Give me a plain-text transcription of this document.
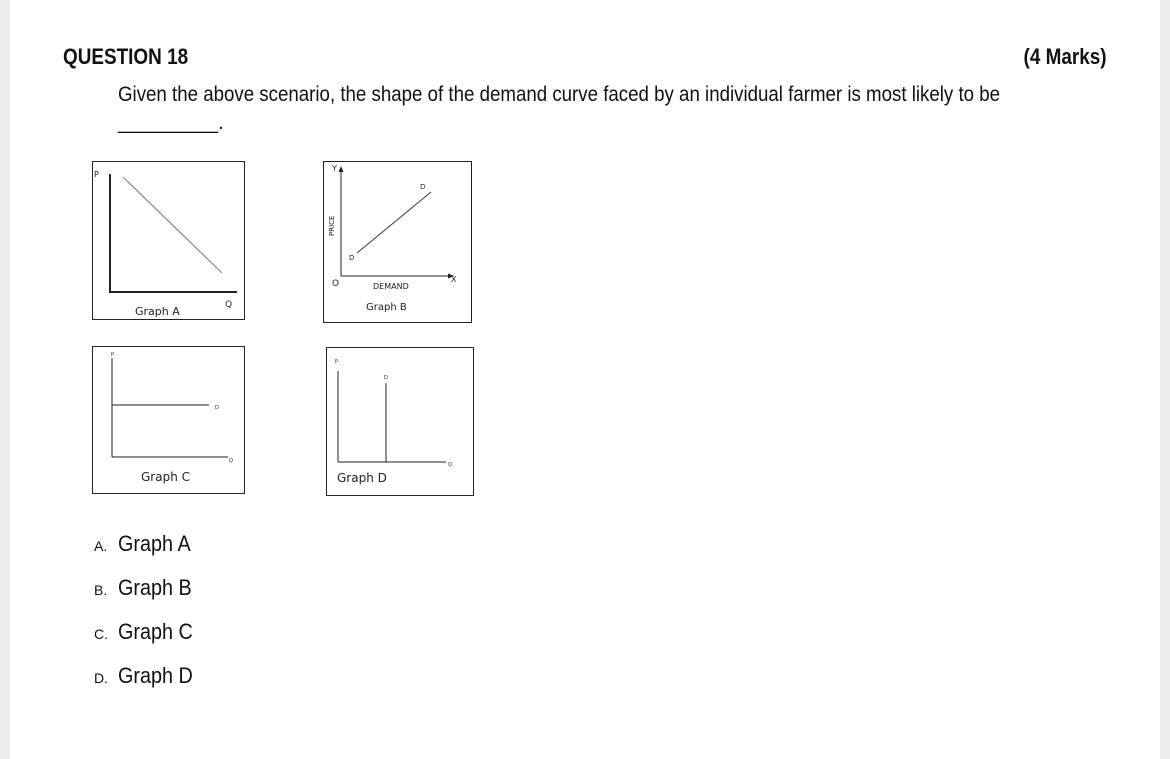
QUESTION 18	(4 Marks)
Given the above scenario, the shape of the demand curve faced by an individual farmer is most likely to be
_________.
P
Q
Graph A
Y
X
PRICE
D
D
O	DEMAND
Graph B
P
D
Q
Graph C
P
D
Q
Graph D
A. Graph A
B. Graph B
C. Graph C
D. Graph D
